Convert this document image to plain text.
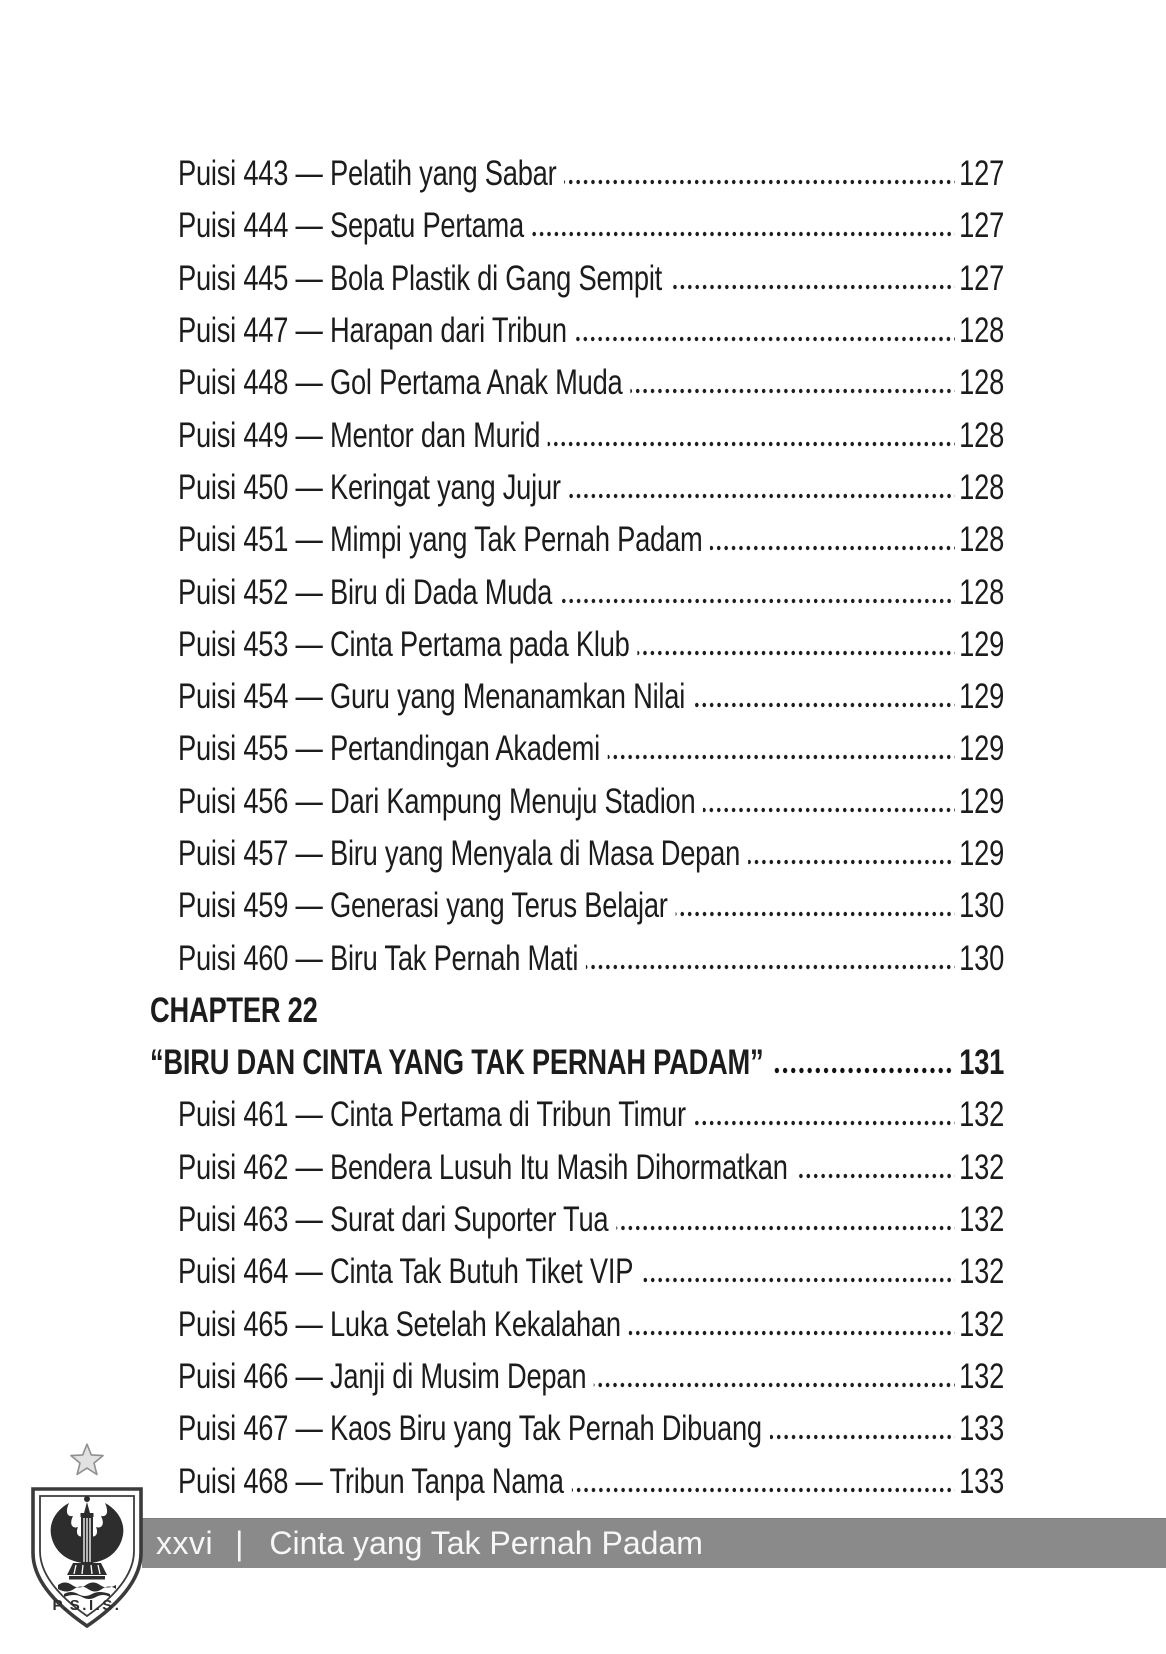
Puisi 443 — Pelatih yang Sabar	127
Puisi 444 — Sepatu Pertama	127
Puisi 445 — Bola Plastik di Gang Sempit	127
Puisi 447 — Harapan dari Tribun	128
Puisi 448 — Gol Pertama Anak Muda	128
Puisi 449 — Mentor dan Murid	128
Puisi 450 — Keringat yang Jujur	128
Puisi 451 — Mimpi yang Tak Pernah Padam	128
Puisi 452 — Biru di Dada Muda	128
Puisi 453 — Cinta Pertama pada Klub	129
Puisi 454 — Guru yang Menanamkan Nilai	129
Puisi 455 — Pertandingan Akademi	129
Puisi 456 — Dari Kampung Menuju Stadion	129
Puisi 457 — Biru yang Menyala di Masa Depan	129
Puisi 459 — Generasi yang Terus Belajar	130
Puisi 460 — Biru Tak Pernah Mati	130
CHAPTER 22
“BIRU DAN CINTA YANG TAK PERNAH PADAM”	131
Puisi 461 — Cinta Pertama di Tribun Timur	132
Puisi 462 — Bendera Lusuh Itu Masih Dihormatkan	132
Puisi 463 — Surat dari Suporter Tua	132
Puisi 464 — Cinta Tak Butuh Tiket VIP	132
Puisi 465 — Luka Setelah Kekalahan	132
Puisi 466 — Janji di Musim Depan	132
Puisi 467 — Kaos Biru yang Tak Pernah Dibuang	133
Puisi 468 — Tribun Tanpa Nama	133
xxvi | Cinta yang Tak Pernah Padam
P.S.I.S.
